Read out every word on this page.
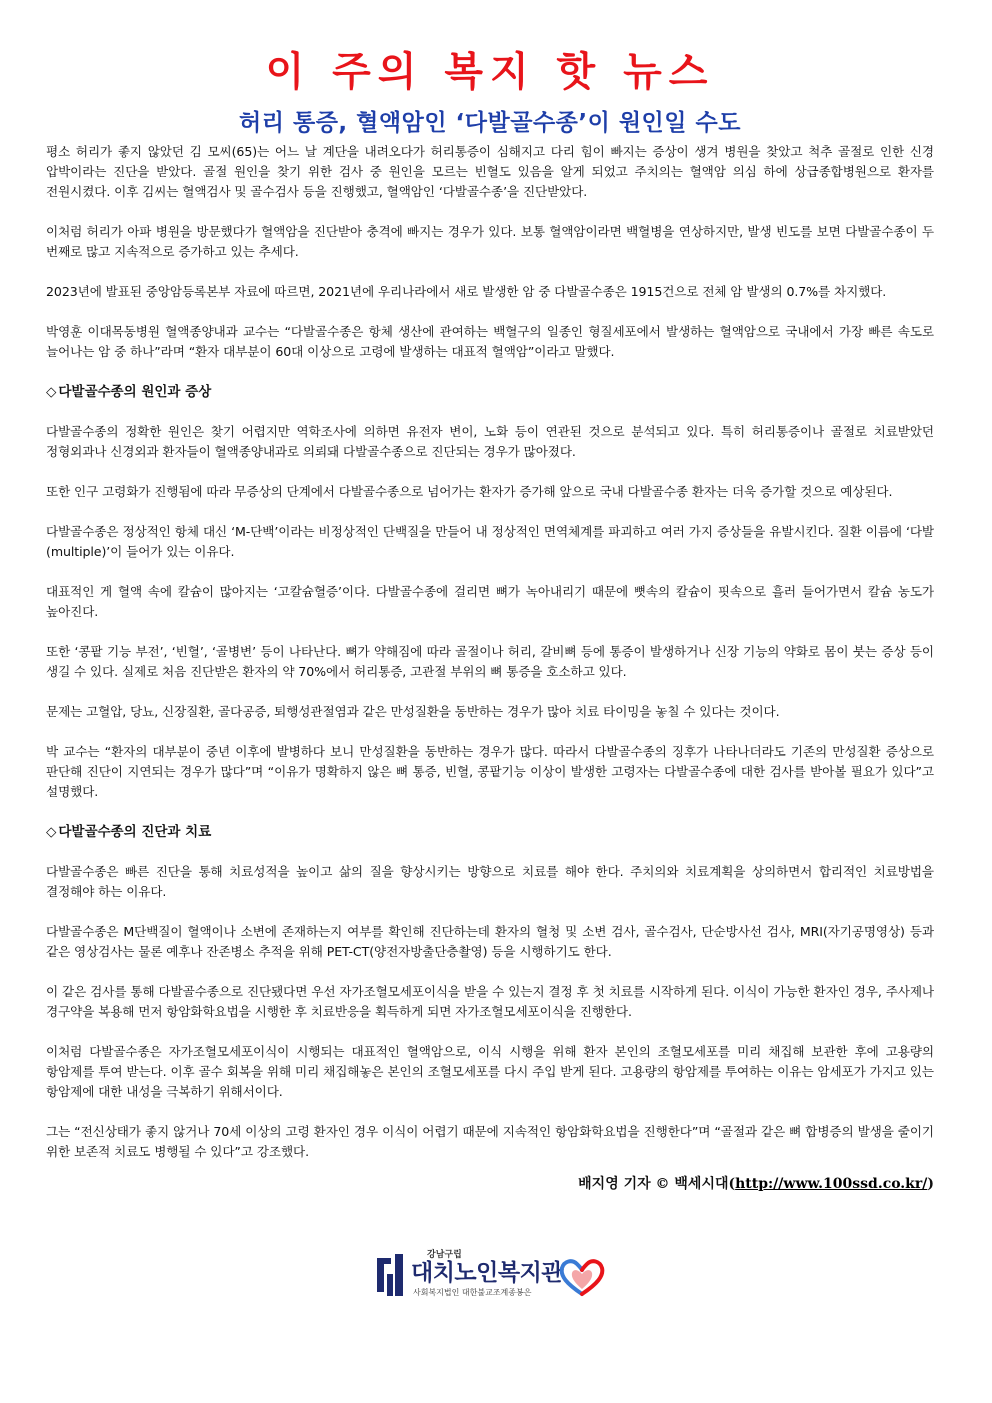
이 주의 복지 핫 뉴스
허리 통증, 혈액암인 ‘다발골수종’이 원인일 수도

평소 허리가 좋지 않았던 김 모씨(65)는 어느 날 계단을 내려오다가 허리통증이 심해지고 다리 힘이 빠지는 증상이 생겨 병원을 찾았고 척추 골절로 인한 신경 압박이라는 진단을 받았다. 골절 원인을 찾기 위한 검사 중 원인을 모르는 빈혈도 있음을 알게 되었고 주치의는 혈액암 의심 하에 상급종합병원으로 환자를 전원시켰다. 이후 김씨는 혈액검사 및 골수검사 등을 진행했고, 혈액암인 ‘다발골수종’을 진단받았다.

이처럼 허리가 아파 병원을 방문했다가 혈액암을 진단받아 충격에 빠지는 경우가 있다. 보통 혈액암이라면 백혈병을 연상하지만, 발생 빈도를 보면 다발골수종이 두 번째로 많고 지속적으로 증가하고 있는 추세다.

2023년에 발표된 중앙암등록본부 자료에 따르면, 2021년에 우리나라에서 새로 발생한 암 중 다발골수종은 1915건으로 전체 암 발생의 0.7%를 차지했다.

박영훈 이대목동병원 혈액종양내과 교수는 “다발골수종은 항체 생산에 관여하는 백혈구의 일종인 형질세포에서 발생하는 혈액암으로 국내에서 가장 빠른 속도로 늘어나는 암 중 하나”라며 “환자 대부분이 60대 이상으로 고령에 발생하는 대표적 혈액암”이라고 말했다.

◇ 다발골수종의 원인과 증상

다발골수종의 정확한 원인은 찾기 어렵지만 역학조사에 의하면 유전자 변이, 노화 등이 연관된 것으로 분석되고 있다. 특히 허리통증이나 골절로 치료받았던 정형외과나 신경외과 환자들이 혈액종양내과로 의뢰돼 다발골수종으로 진단되는 경우가 많아졌다.

또한 인구 고령화가 진행됨에 따라 무증상의 단계에서 다발골수종으로 넘어가는 환자가 증가해 앞으로 국내 다발골수종 환자는 더욱 증가할 것으로 예상된다.

다발골수종은 정상적인 항체 대신 ‘M-단백’이라는 비정상적인 단백질을 만들어 내 정상적인 면역체계를 파괴하고 여러 가지 증상들을 유발시킨다. 질환 이름에 ‘다발(multiple)’이 들어가 있는 이유다.

대표적인 게 혈액 속에 칼슘이 많아지는 ‘고칼슘혈증’이다. 다발골수종에 걸리면 뼈가 녹아내리기 때문에 뼛속의 칼슘이 핏속으로 흘러 들어가면서 칼슘 농도가 높아진다.

또한 ‘콩팥 기능 부전’, ‘빈혈’, ‘골병변’ 등이 나타난다. 뼈가 약해짐에 따라 골절이나 허리, 갈비뼈 등에 통증이 발생하거나 신장 기능의 약화로 몸이 붓는 증상 등이 생길 수 있다. 실제로 처음 진단받은 환자의 약 70%에서 허리통증, 고관절 부위의 뼈 통증을 호소하고 있다.

문제는 고혈압, 당뇨, 신장질환, 골다공증, 퇴행성관절염과 같은 만성질환을 동반하는 경우가 많아 치료 타이밍을 놓칠 수 있다는 것이다.

박 교수는 “환자의 대부분이 중년 이후에 발병하다 보니 만성질환을 동반하는 경우가 많다. 따라서 다발골수종의 징후가 나타나더라도 기존의 만성질환 증상으로 판단해 진단이 지연되는 경우가 많다”며 “이유가 명확하지 않은 뼈 통증, 빈혈, 콩팥기능 이상이 발생한 고령자는 다발골수종에 대한 검사를 받아볼 필요가 있다”고 설명했다.

◇ 다발골수종의 진단과 치료

다발골수종은 빠른 진단을 통해 치료성적을 높이고 삶의 질을 향상시키는 방향으로 치료를 해야 한다. 주치의와 치료계획을 상의하면서 합리적인 치료방법을 결정해야 하는 이유다.

다발골수종은 M단백질이 혈액이나 소변에 존재하는지 여부를 확인해 진단하는데 환자의 혈청 및 소변 검사, 골수검사, 단순방사선 검사, MRI(자기공명영상) 등과 같은 영상검사는 물론 예후나 잔존병소 추적을 위해 PET-CT(양전자방출단층촬영) 등을 시행하기도 한다.

이 같은 검사를 통해 다발골수종으로 진단됐다면 우선 자가조혈모세포이식을 받을 수 있는지 결정 후 첫 치료를 시작하게 된다. 이식이 가능한 환자인 경우, 주사제나 경구약을 복용해 먼저 항암화학요법을 시행한 후 치료반응을 획득하게 되면 자가조혈모세포이식을 진행한다.

이처럼 다발골수종은 자가조혈모세포이식이 시행되는 대표적인 혈액암으로, 이식 시행을 위해 환자 본인의 조혈모세포를 미리 채집해 보관한 후에 고용량의 항암제를 투여 받는다. 이후 골수 회복을 위해 미리 채집해놓은 본인의 조혈모세포를 다시 주입 받게 된다. 고용량의 항암제를 투여하는 이유는 암세포가 가지고 있는 항암제에 대한 내성을 극복하기 위해서이다.

그는 “전신상태가 좋지 않거나 70세 이상의 고령 환자인 경우 이식이 어렵기 때문에 지속적인 항암화학요법을 진행한다”며 “골절과 같은 뼈 합병증의 발생을 줄이기 위한 보존적 치료도 병행될 수 있다”고 강조했다.

배지영 기자 © 백세시대(http://www.100ssd.co.kr/)
강남구립
대치노인복지관
사회복지법인 대한불교조계종봉은
